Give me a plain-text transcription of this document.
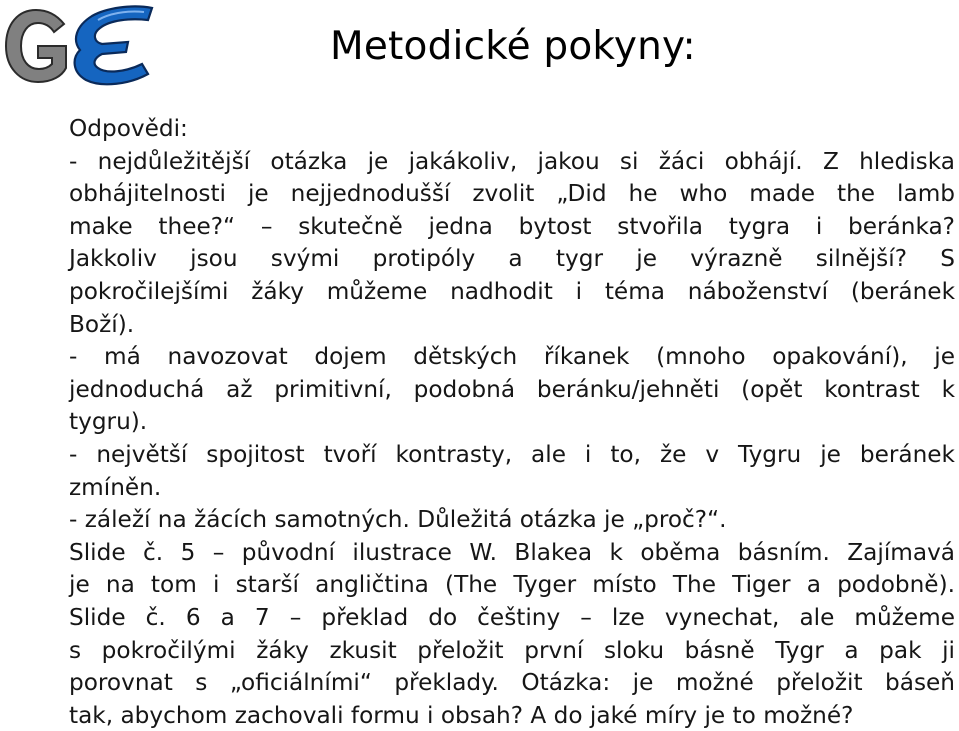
Metodické pokyny:
Odpovědi:
- nejdůležitější otázka je jakákoliv, jakou si žáci obhájí. Z hlediska
obhájitelnosti je nejjednodušší zvolit „Did he who made the lamb
make thee?“ – skutečně jedna bytost stvořila tygra i beránka?
Jakkoliv jsou svými protipóly a tygr je výrazně silnější? S
pokročilejšími žáky můžeme nadhodit i téma náboženství (beránek
Boží).
- má navozovat dojem dětských říkanek (mnoho opakování), je
jednoduchá až primitivní, podobná beránku/jehněti (opět kontrast k
tygru).
- největší spojitost tvoří kontrasty, ale i to, že v Tygru je beránek
zmíněn.
- záleží na žácích samotných. Důležitá otázka je „proč?“.
Slide č. 5 – původní ilustrace W. Blakea k oběma básním. Zajímavá
je na tom i starší angličtina (The Tyger místo The Tiger a podobně).
Slide č. 6 a 7 – překlad do češtiny – lze vynechat, ale můžeme
s pokročilými žáky zkusit přeložit první sloku básně Tygr a pak ji
porovnat s „oficiálními“ překlady. Otázka: je možné přeložit báseň
tak, abychom zachovali formu i obsah? A do jaké míry je to možné?
